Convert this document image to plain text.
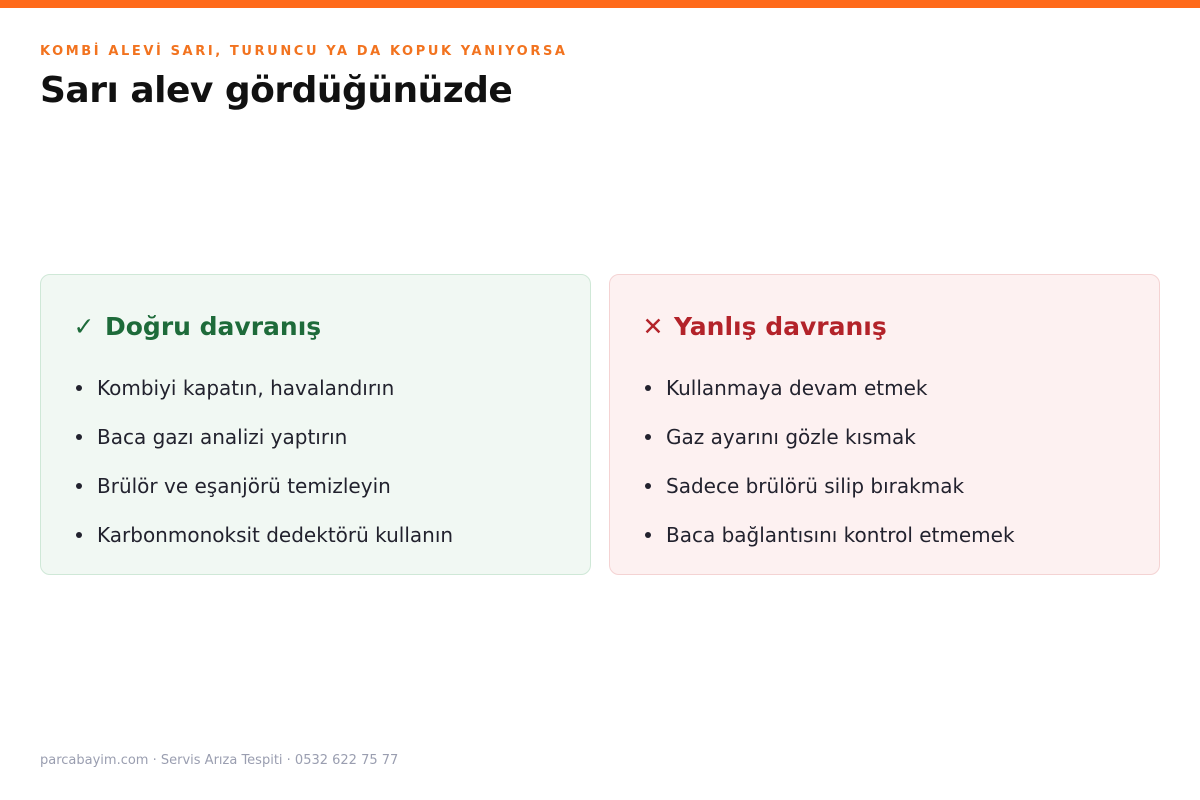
KOMBİ ALEVİ SARI, TURUNCU YA DA KOPUK YANIYORSA
Sarı alev gördüğünüzde
✓ Doğru davranış
Kombiyi kapatın, havalandırın
Baca gazı analizi yaptırın
Brülör ve eşanjörü temizleyin
Karbonmonoksit dedektörü kullanın
✕ Yanlış davranış
Kullanmaya devam etmek
Gaz ayarını gözle kısmak
Sadece brülörü silip bırakmak
Baca bağlantısını kontrol etmemek
parcabayim.com · Servis Arıza Tespiti · 0532 622 75 77
